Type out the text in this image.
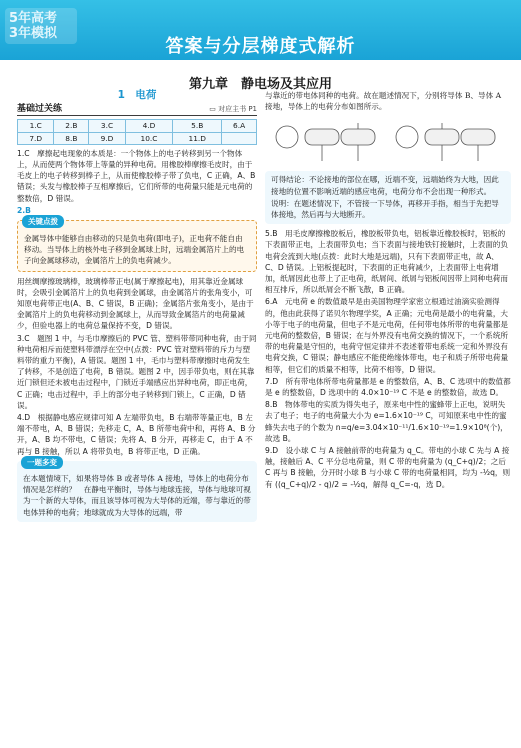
5年高考
3年模拟
答案与分层梯度式解析
第九章　静电场及其应用
1　电荷
基础过关练	▭ 对应主书 P1
1.C	2.B	3.C	4.D	5.B	6.A
7.D	8.B	9.D	10.C	11.D	

1.C　摩擦起电现象的本质是：一个物体上的电子转移到另一个物体上，从而使两个物体带上等量的异种电荷。用橡胶棒摩擦毛皮时，由于毛皮上的电子转移到棒子上，从而使橡胶棒子带了负电，C 正确，A、B 错误；头发与橡胶棒子互相摩擦后，它们所带的电荷量只能是元电荷的整数倍，D 错误。

2.B

关键点拨

金属导体中能够自由移动的只是负电荷(即电子)，正电荷不能自由移动。当导体上的核外电子移到金属球上时，远端金属箔片上的电子向金属球移动，金属箔片上的负电荷减少。

用丝绸摩擦玻璃棒，玻璃棒带正电(属于摩擦起电)，用其靠近金属球时，会吸引金属箔片上的负电荷到金属球，由金属箔片的张角变小，可知原电荷带正电(A、B、C 错误，B 正确)；金属箔片张角变小，是由于金属箔片上的负电荷移动到金属球上，从而导致金属箔片的电荷量减少，但验电器上的电荷总量保持不变，D 错误。

3.C　题图 1 中，与毛巾摩擦后的 PVC 管、塑料带带同种电荷，由于同种电荷相斥而使塑料带漂浮在空中(点拨：PVC 管对塑料带的斥力与塑料带的重力平衡)，A 错误。题图 1 中，毛巾与塑料带摩擦时电荷发生了转移，不是创造了电荷，B 错误。题图 2 中，因手带负电，则在其靠近门锁但还未被电击过程中，门锁近手端感应出异种电荷，即正电荷，C 正确；电击过程中，手上的部分电子转移到门锁上，C 正确，D 错误。

4.D　根据静电感应规律可知 A 左端带负电，B 右端带等量正电，B 左端不带电，A、B 错误；先移走 C，A、B 所带电荷中和，再将 A、B 分开，A、B 均不带电，C 错误；先将 A、B 分开，再移走 C，由于 A 不再与 B 接触，所以 A 将带负电，B 将带正电，D 正确。

一题多变

在本题情境下，如果将导体 B 或者导体 A 接地，导体上的电荷分布情况是怎样的？　在静电平衡时，导体与地球连接，导体与地球可视为一个新的大导体，而且该导体可视为大导体的近端，带与靠近的带电体异种的电荷；地球就成为大导体的远端，带

与靠近的带电体同种的电荷。故在题述情况下，分别将导体 B、导体 A 接地，导体上的电荷分布如图所示。

可得结论：不论接地的部位在哪，近端不变，远端始终为大地，因此接地的位置不影响近端的感应电荷，电荷分布不会出现一种形式。

说明：在题述情况下，不管接一下导体，再移开手指，相当于先把导体接地，然后再与大地断开。

5.B　用毛皮摩擦橡胶板后，橡胶板带负电，铝板靠近橡胶板时，铝板的下表面带正电，上表面带负电；当下表面与接地铁钉接触时，上表面的负电荷会流到大地(点拨：此时大地是远端)，只有下表面带正电，故 A、C、D 错误。上铝板提起时，下表面的正电荷减少，上表面带上电荷增加，纸屑因此也带上了正电荷，纸屑间、纸屑与铝板间因带上同种电荷而相互排斥，所以纸屑会不断飞散，B 正确。

6.A　元电荷 e 的数值最早是由美国物理学家密立根通过油滴实验测得的，他由此获得了诺贝尔物理学奖，A 正确；元电荷是最小的电荷量，大小等于电子的电荷量，但电子不是元电荷，任何带电体所带的电荷量都是元电荷的整数倍，B 错误；在与外界没有电荷交换的情况下，一个系统所带的电荷量是守恒的，电荷守恒定律并不表述着带电系统一定和外界没有电荷交换，C 错误；静电感应不能使绝缘体带电，电子和质子所带电荷量相等，但它们的质量不相等，比荷不相等，D 错误。

7.D　所有带电体所带电荷量都是 e 的整数倍，A、B、C 选项中的数值都是 e 的整数倍，D 选项中的 4.0×10⁻¹⁹ C 不是 e 的整数倍，故选 D。

8.B　物体带电的实质为得失电子，原来电中性的蜜蜂带上正电，说明失去了电子；电子的电荷量大小为 e=1.6×10⁻¹⁹ C，可知原来电中性的蜜蜂失去电子的个数为 n=q/e=3.04×10⁻¹¹/1.6×10⁻¹⁹=1.9×10⁸(个)，故选 B。

9.D　设小球 C 与 A 接触前带的电荷量为 q_C。带电的小球 C 先与 A 接触，接触后 A、C 平分总电荷量，则 C 带的电荷量为 (q_C+q)/2；之后 C 再与 B 接触，分开时小球 B 与小球 C 带的电荷量相同，均为 -½q，则有 ((q_C+q)/2 - q)/2 = -½q，解得 q_C=-q，选 D。
